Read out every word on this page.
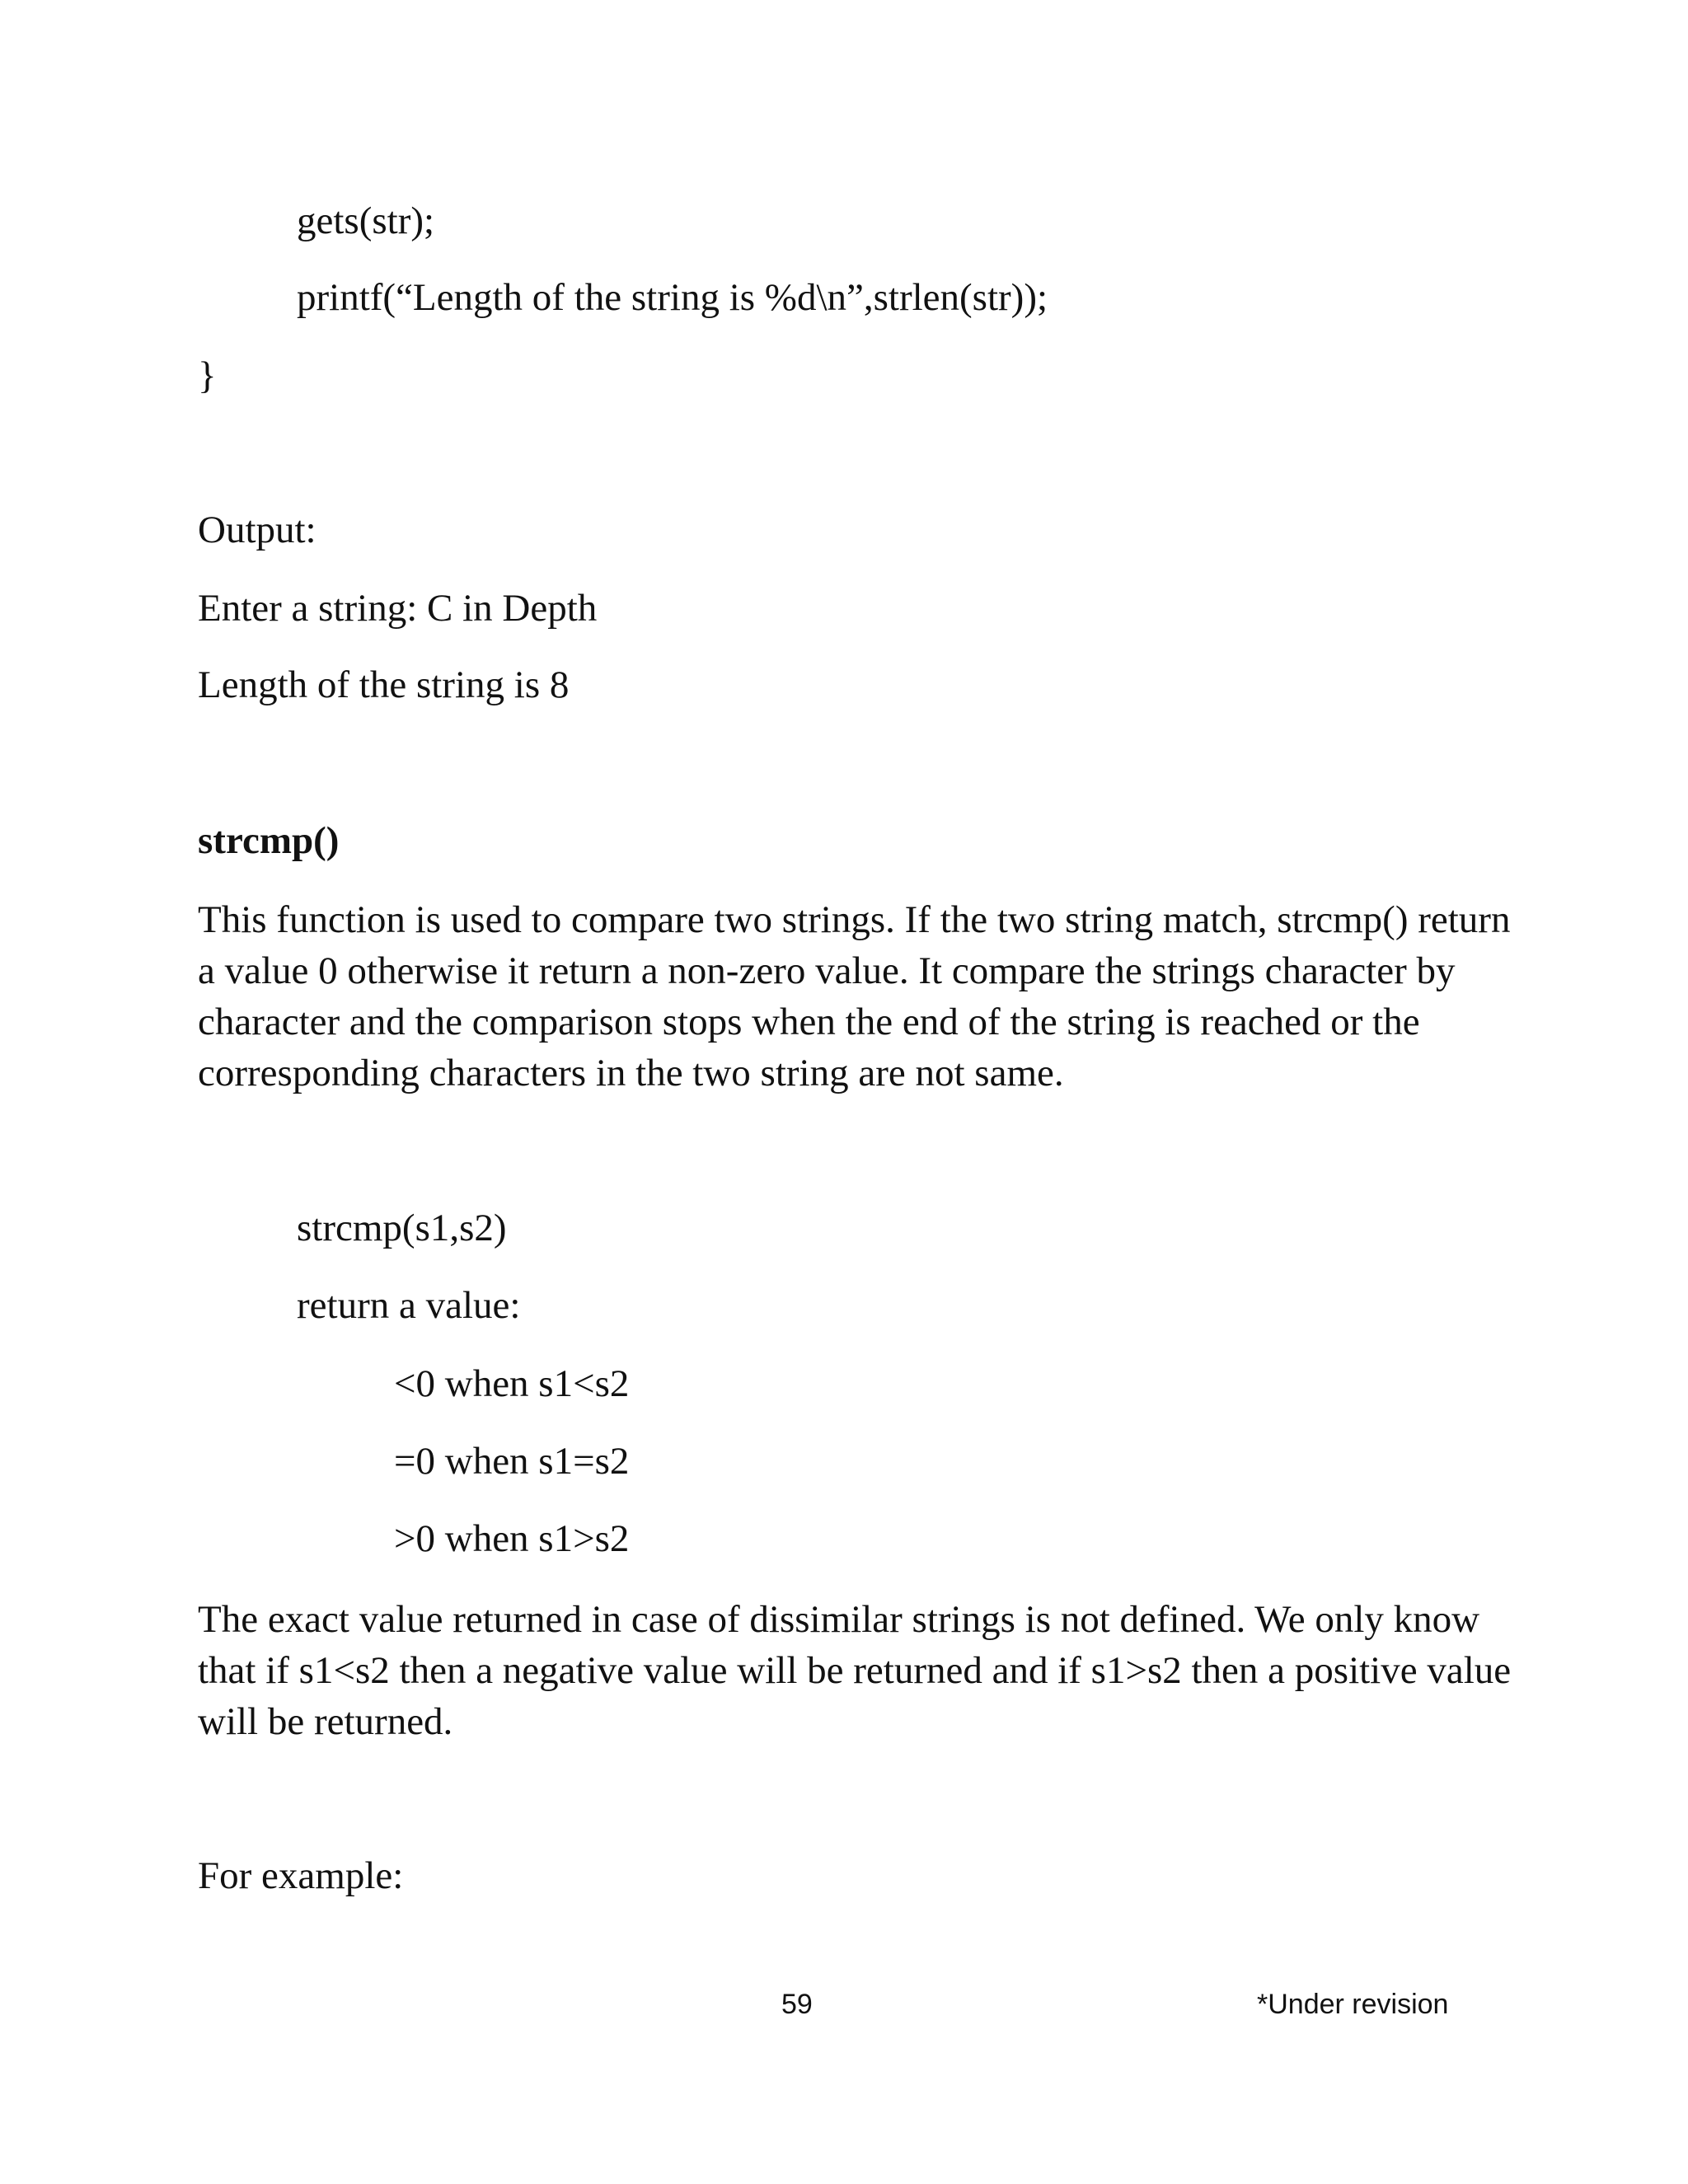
gets(str);

printf(“Length of the string is %d\n”,strlen(str));

}

Output:

Enter a string: C in Depth

Length of the string is 8

strcmp()

This function is used to compare two strings. If the two string match, strcmp() return a value 0 otherwise it return a non-zero value. It compare the strings character by character and the comparison stops when the end of the string is reached or the corresponding characters in the two string are not same.

strcmp(s1,s2)

return a value:

<0 when s1<s2

=0 when s1=s2

>0 when s1>s2

The exact value returned in case of dissimilar strings is not defined. We only know that if s1<s2 then a negative value will be returned and if s1>s2 then a positive value will be returned.

For example:

59	*Under revision
